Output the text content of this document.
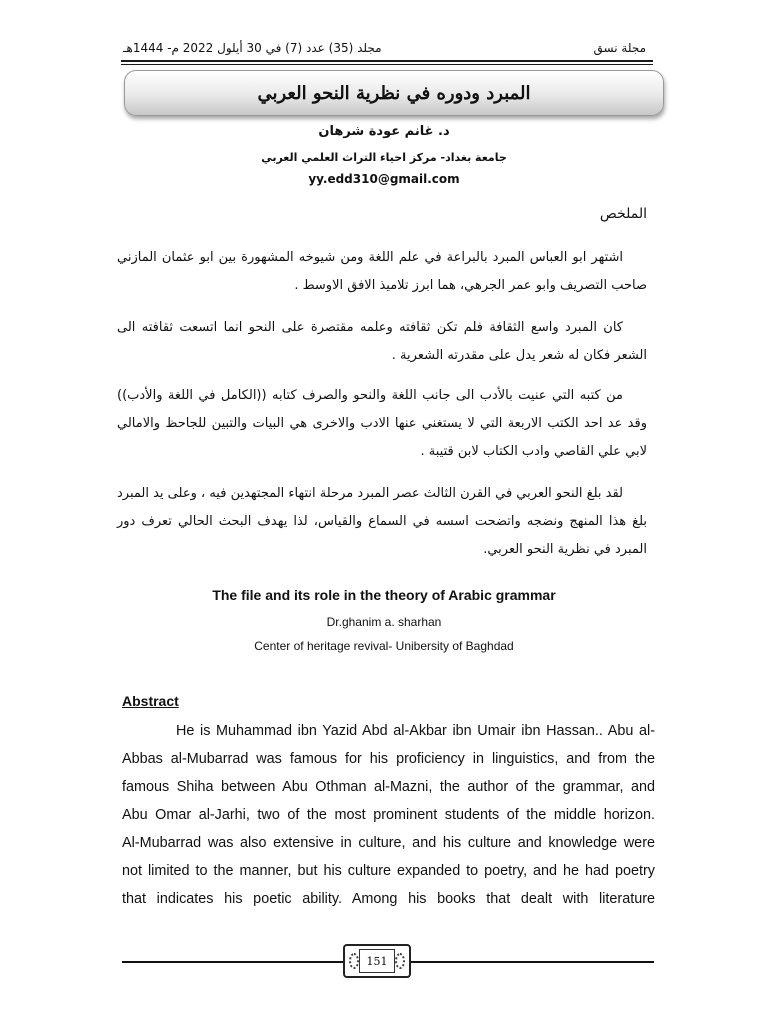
مجلة نسق
مجلد (35) عدد (7) في 30 أيلول 2022 م- 1444هـ
المبرد ودوره في نظرية النحو العربي
د. غانم عودة شرهان
جامعة بغداد- مركز احياء التراث العلمي العربي
yy.edd310@gmail.com
الملخص

اشتهر ابو العباس المبرد بالبراعة في علم اللغة ومن شيوخه المشهورة بين ابو عثمان المازني صاحب التصريف وابو عمر الجرهي، هما ابرز تلاميذ الافق الاوسط .

كان المبرد واسع الثقافة فلم تكن ثقافته وعلمه مقتصرة على النحو انما اتسعت ثقافته الى الشعر فكان له شعر يدل على مقدرته الشعرية .

من كتبه التي عنيت بالأدب الى جانب اللغة والنحو والصرف كتابه ((الكامل في اللغة والأدب)) وقد عد احد الكتب الاربعة التي لا يستغني عنها الادب والاخرى هي البيات والتبين للجاحظ والامالي لابي علي القاصي وادب الكتاب لابن قتيبة .

لقد بلغ النحو العربي في القرن الثالث عصر المبرد مرحلة انتهاء المجتهدين فيه ، وعلى يد المبرد بلغ هذا المنهج ونضجه واتضحت اسسه في السماع والقياس، لذا يهدف البحث الحالي تعرف دور المبرد في نظرية النحو العربي.

The file and its role in the theory of Arabic grammar
Dr.ghanim a. sharhan
Center of heritage revival- Unibersity of Baghdad
Abstract
He is Muhammad ibn Yazid Abd al-Akbar ibn Umair ibn Hassan.. Abu al-
Abbas al-Mubarrad was famous for his proficiency in linguistics, and from the
famous Shiha between Abu Othman al-Mazni, the author of the grammar, and
Abu Omar al-Jarhi, two of the most prominent students of the middle horizon.
Al-Mubarrad was also extensive in culture, and his culture and knowledge were
not limited to the manner, but his culture expanded to poetry, and he had poetry
that indicates his poetic ability. Among his books that dealt with literature
151
